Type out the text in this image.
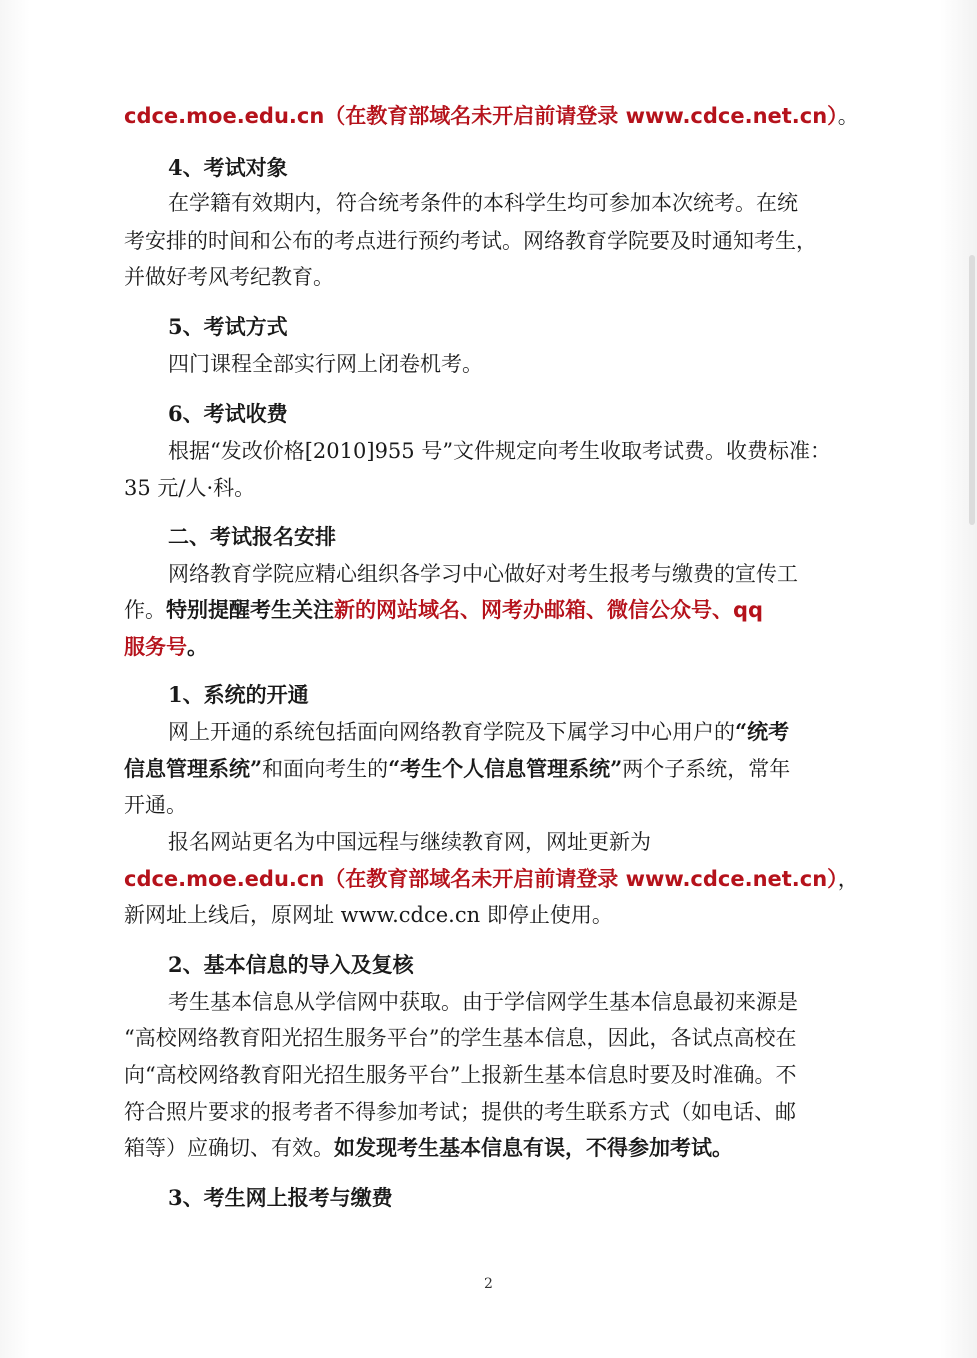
cdce.moe.edu.cn（在教育部域名未开启前请登录 www.cdce.net.cn）。
4、考试对象
在学籍有效期内，符合统考条件的本科学生均可参加本次统考。在统
考安排的时间和公布的考点进行预约考试。网络教育学院要及时通知考生，
并做好考风考纪教育。
5、考试方式
四门课程全部实行网上闭卷机考。
6、考试收费
根据“发改价格[2010]955 号”文件规定向考生收取考试费。收费标准：
35 元/人·科。
二、考试报名安排
网络教育学院应精心组织各学习中心做好对考生报考与缴费的宣传工
作。特别提醒考生关注新的网站域名、网考办邮箱、微信公众号、qq
服务号。
1、系统的开通
网上开通的系统包括面向网络教育学院及下属学习中心用户的“统考
信息管理系统”和面向考生的“考生个人信息管理系统”两个子系统，常年
开通。
报名网站更名为中国远程与继续教育网，网址更新为
cdce.moe.edu.cn（在教育部域名未开启前请登录 www.cdce.net.cn），
新网址上线后，原网址 www.cdce.cn 即停止使用。
2、基本信息的导入及复核
考生基本信息从学信网中获取。由于学信网学生基本信息最初来源是
“高校网络教育阳光招生服务平台”的学生基本信息，因此，各试点高校在
向“高校网络教育阳光招生服务平台”上报新生基本信息时要及时准确。不
符合照片要求的报考者不得参加考试；提供的考生联系方式（如电话、邮
箱等）应确切、有效。如发现考生基本信息有误，不得参加考试。
3、考生网上报考与缴费
2
